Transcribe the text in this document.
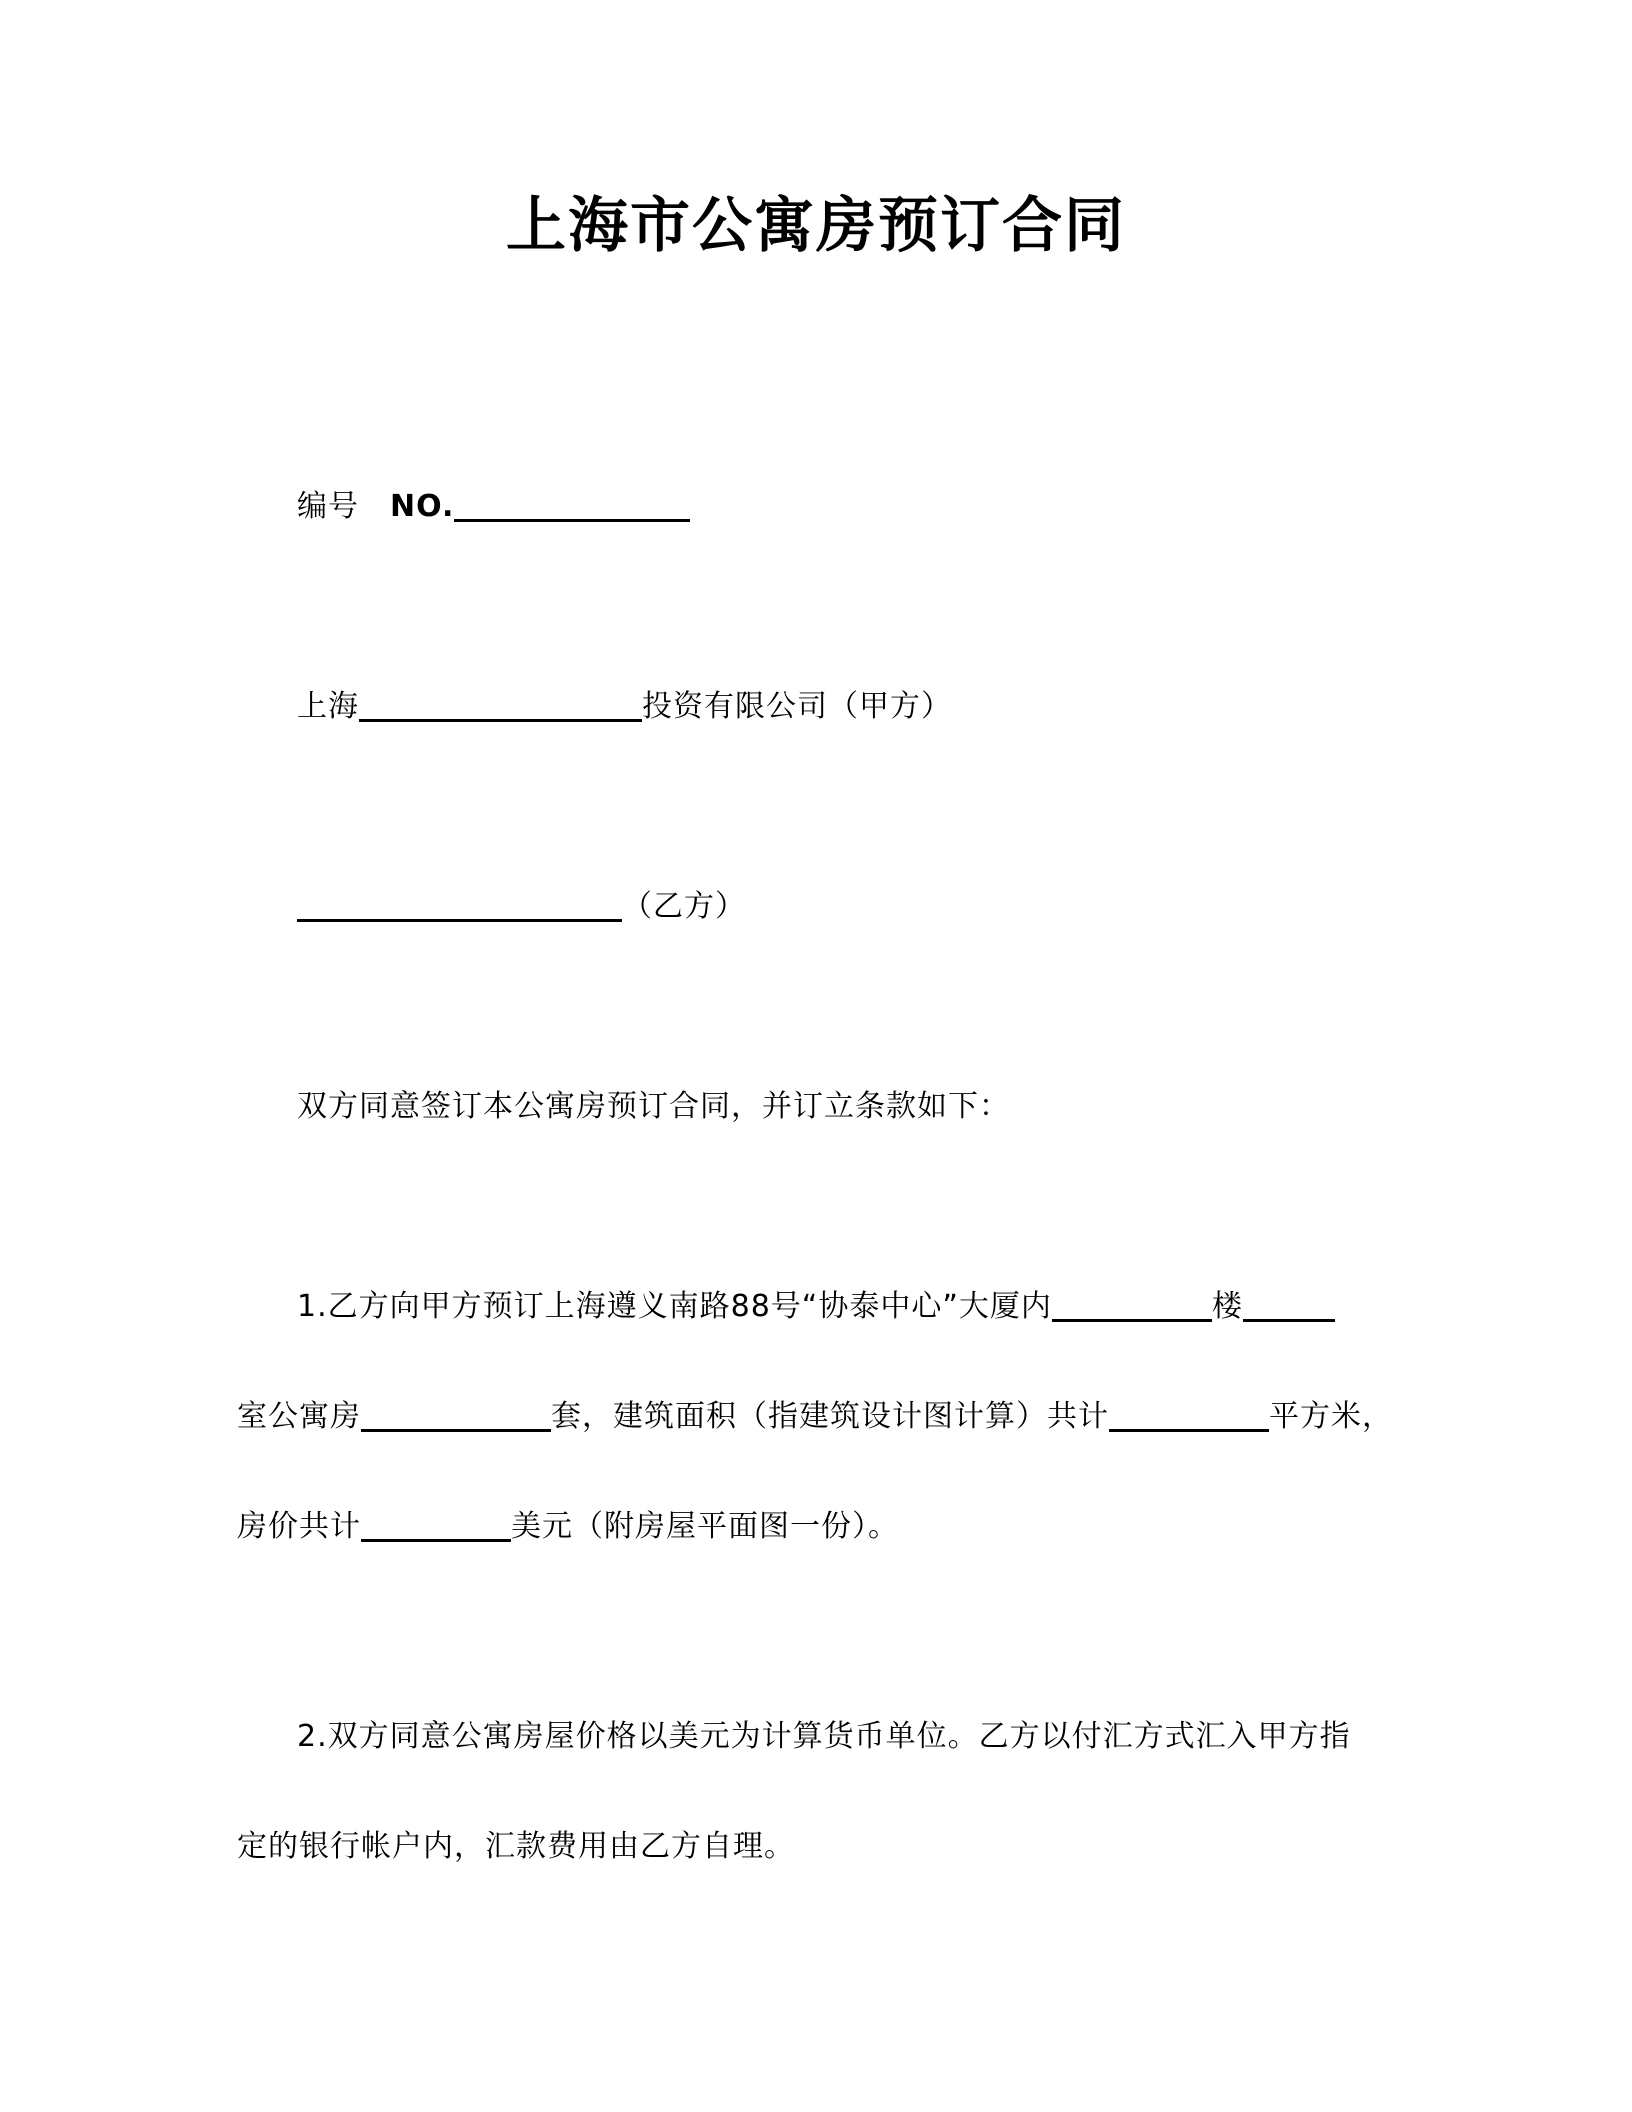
上海市公寓房预订合同
编号　NO.
上海	投资有限公司（甲方）
（乙方）
双方同意签订本公寓房预订合同，并订立条款如下：
1.乙方向甲方预订上海遵义南路88号“协泰中心”大厦内	楼
室公寓房	套，建筑面积（指建筑设计图计算）共计	平方米，
房价共计	美元（附房屋平面图一份）。
2.双方同意公寓房屋价格以美元为计算货币单位。乙方以付汇方式汇入甲方指
定的银行帐户内，汇款费用由乙方自理。
